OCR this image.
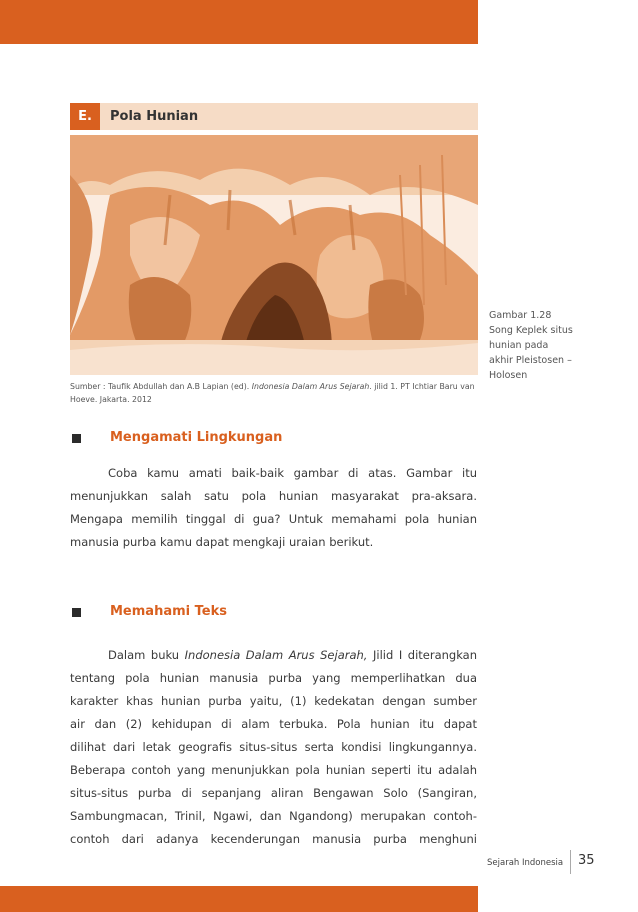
E.	Pola Hunian
Gambar 1.28
Song Keplek situs
hunian pada
akhir Pleistosen –
Holosen
Sumber : Taufik Abdullah dan A.B Lapian (ed). Indonesia Dalam Arus Sejarah. jilid 1. PT Ichtiar Baru van Hoeve. Jakarta. 2012
Mengamati Lingkungan
Coba kamu amati baik-baik gambar di atas. Gambar itu
menunjukkan salah satu pola hunian masyarakat pra-aksara.
Mengapa memilih tinggal di gua? Untuk memahami pola hunian
manusia purba kamu dapat mengkaji uraian berikut.
Memahami Teks
Dalam buku Indonesia Dalam Arus Sejarah, Jilid I diterangkan
tentang pola hunian manusia purba yang memperlihatkan dua
karakter khas hunian purba yaitu, (1) kedekatan dengan sumber
air dan (2) kehidupan di alam terbuka. Pola hunian itu dapat
dilihat dari letak geografis situs-situs serta kondisi lingkungannya.
Beberapa contoh yang menunjukkan pola hunian seperti itu adalah
situs-situs purba di sepanjang aliran Bengawan Solo (Sangiran,
Sambungmacan, Trinil, Ngawi, dan Ngandong) merupakan contoh-
contoh dari adanya kecenderungan manusia purba menghuni
Sejarah Indonesia 35
